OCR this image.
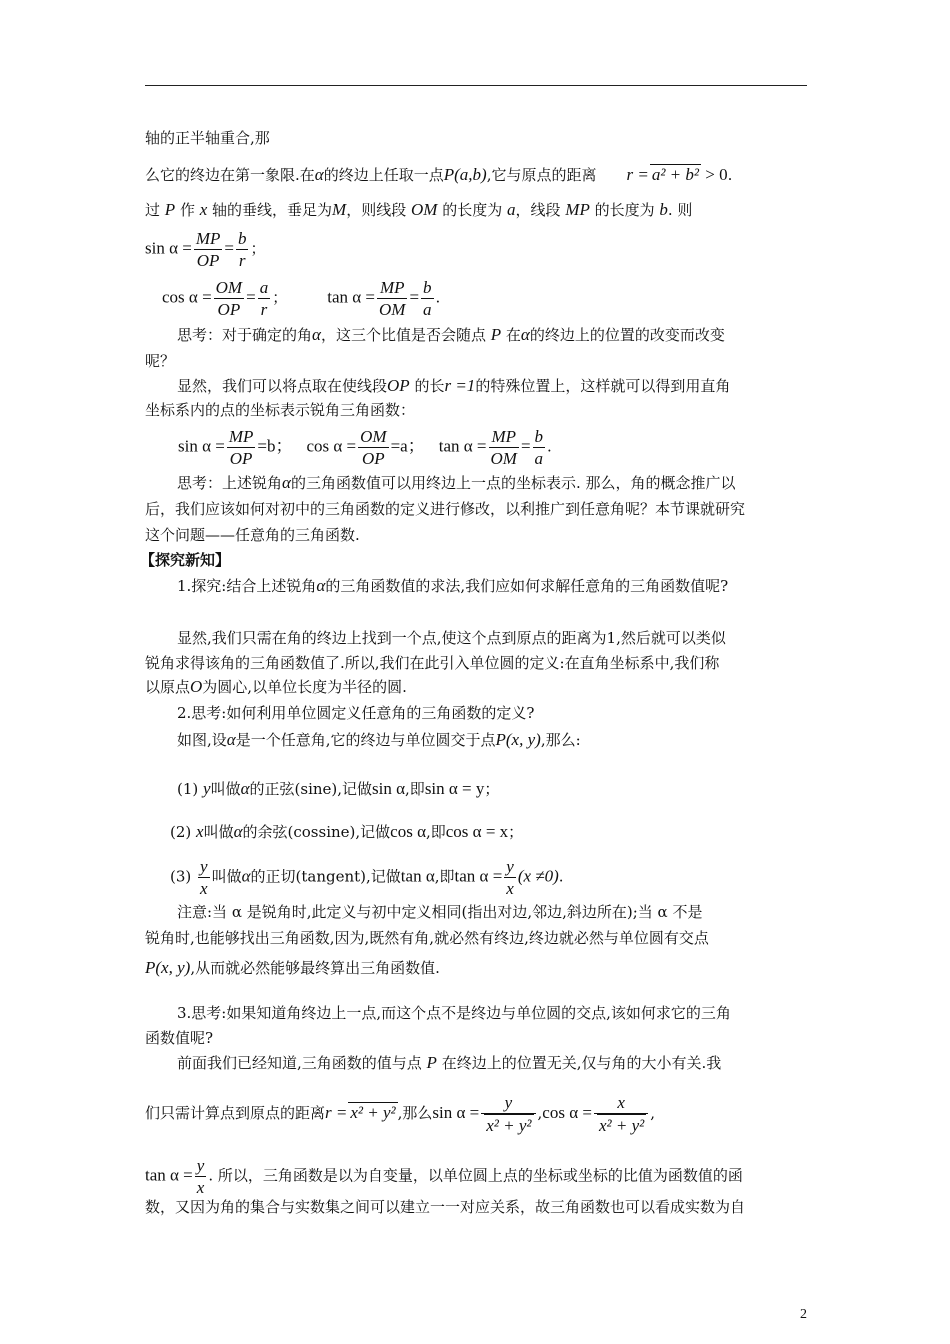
轴的正半轴重合,那
么它的终边在第一象限.在α的终边上任取一点P(a,b),它与原点的距离 r = a² + b² > 0.
过 P 作 x 轴的垂线，垂足为M，则线段 OM 的长度为 a，线段 MP 的长度为 b. 则
$\sin \alpha = \frac{MP}{OP} = \frac{b}{r}$ ；
$\cos \alpha = \frac{OM}{OP} = \frac{a}{r}$ ； $\tan \alpha = \frac{MP}{OM} = \frac{b}{a}$ .
思考：对于确定的角α，这三个比值是否会随点 P 在α的终边上的位置的改变而改变
呢？
显然，我们可以将点取在使线段OP 的长r =1的特殊位置上，这样就可以得到用直角
坐标系内的点的坐标表示锐角三角函数：
$\sin \alpha = \frac{MP}{OP} =b$； $\cos \alpha = \frac{OM}{OP} =a$； $\tan \alpha = \frac{MP}{OM} = \frac{b}{a}$ .
思考：上述锐角α的三角函数值可以用终边上一点的坐标表示. 那么，角的概念推广以
后，我们应该如何对初中的三角函数的定义进行修改，以利推广到任意角呢？本节课就研究
这个问题——任意角的三角函数.
【探究新知】
1.探究:结合上述锐角α的三角函数值的求法,我们应如何求解任意角的三角函数值呢?
显然,我们只需在角的终边上找到一个点,使这个点到原点的距离为1,然后就可以类似
锐角求得该角的三角函数值了.所以,我们在此引入单位圆的定义:在直角坐标系中,我们称
以原点O为圆心,以单位长度为半径的圆.
2.思考:如何利用单位圆定义任意角的三角函数的定义?
如图,设α是一个任意角,它的终边与单位圆交于点P(x, y),那么:
(1) y叫做α的正弦(sine),记做sin α,即sin α = y；
(2) x叫做α的余弦(cossine),记做cos α,即cos α = x；
$(3) \frac{y}{x}$ 叫做α的正切(tangent),记做tan α,即$\tan \alpha = \frac{y}{x} (x \ne 0)$.
注意:当 α 是锐角时,此定义与初中定义相同(指出对边,邻边,斜边所在);当 α 不是
锐角时,也能够找出三角函数,因为,既然有角,就必然有终边,终边就必然与单位圆有交点
P(x, y),从而就必然能够最终算出三角函数值.
3.思考:如果知道角终边上一点,而这个点不是终边与单位圆的交点,该如何求它的三角
函数值呢?
前面我们已经知道,三角函数的值与点 P 在终边上的位置无关,仅与角的大小有关.我
们只需计算点到原点的距离r = x² + y² ,那么$\sin \alpha = \frac{y}{\text{x² + y²}} ,\cos$ $\alpha = \frac{x}{\text{x² + y²}}$ ,
$\tan \alpha = \frac{y}{x}$ . 所以，三角函数是以为自变量，以单位圆上点的坐标或坐标的比值为函数值的函
数，又因为角的集合与实数集之间可以建立一一对应关系，故三角函数也可以看成实数为自
2
